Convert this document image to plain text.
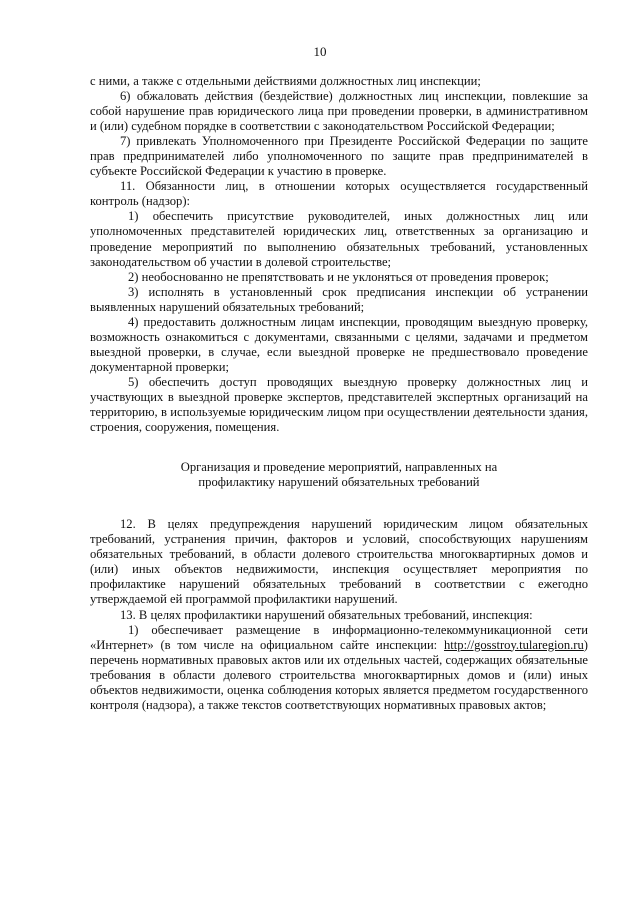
10

с ними, а также с отдельными действиями должностных лиц инспекции;

6) обжаловать действия (бездействие) должностных лиц инспекции, повлекшие за собой нарушение прав юридического лица при проведении проверки, в административном и (или) судебном порядке в соответствии с законодательством Российской Федерации;

7) привлекать Уполномоченного при Президенте Российской Федерации по защите прав предпринимателей либо уполномоченного по защите прав предпринимателей в субъекте Российской Федерации к участию в проверке.

11. Обязанности лиц, в отношении которых осуществляется государственный контроль (надзор):

1) обеспечить присутствие руководителей, иных должностных лиц или уполномоченных представителей юридических лиц, ответственных за организацию и проведение мероприятий по выполнению обязательных требований, установленных законодательством об участии в долевой строительстве;

2) необоснованно не препятствовать и не уклоняться от проведения проверок;

3) исполнять в установленный срок предписания инспекции об устранении выявленных нарушений обязательных требований;

4) предоставить должностным лицам инспекции, проводящим выездную проверку, возможность ознакомиться с документами, связанными с целями, задачами и предметом выездной проверки, в случае, если выездной проверке не предшествовало проведение документарной проверки;

5) обеспечить доступ проводящих выездную проверку должностных лиц и участвующих в выездной проверке экспертов, представителей экспертных организаций на территорию, в используемые юридическим лицом при осуществлении деятельности здания, строения, сооружения, помещения.

Организация и проведение мероприятий, направленных на
профилактику нарушений обязательных требований

12. В целях предупреждения нарушений юридическим лицом обязательных требований, устранения причин, факторов и условий, способствующих нарушениям обязательных требований, в области долевого строительства многоквартирных домов и (или) иных объектов недвижимости, инспекция осуществляет мероприятия по профилактике нарушений обязательных требований в соответствии с ежегодно утверждаемой ей программой профилактики нарушений.

13. В целях профилактики нарушений обязательных требований, инспекция:

1) обеспечивает размещение в информационно-телекоммуникационной сети «Интернет» (в том числе на официальном сайте инспекции: http://gosstroy.tularegion.ru) перечень нормативных правовых актов или их отдельных частей, содержащих обязательные требования в области долевого строительства многоквартирных домов и (или) иных объектов недвижимости, оценка соблюдения которых является предметом государственного контроля (надзора), а также текстов соответствующих нормативных правовых актов;
